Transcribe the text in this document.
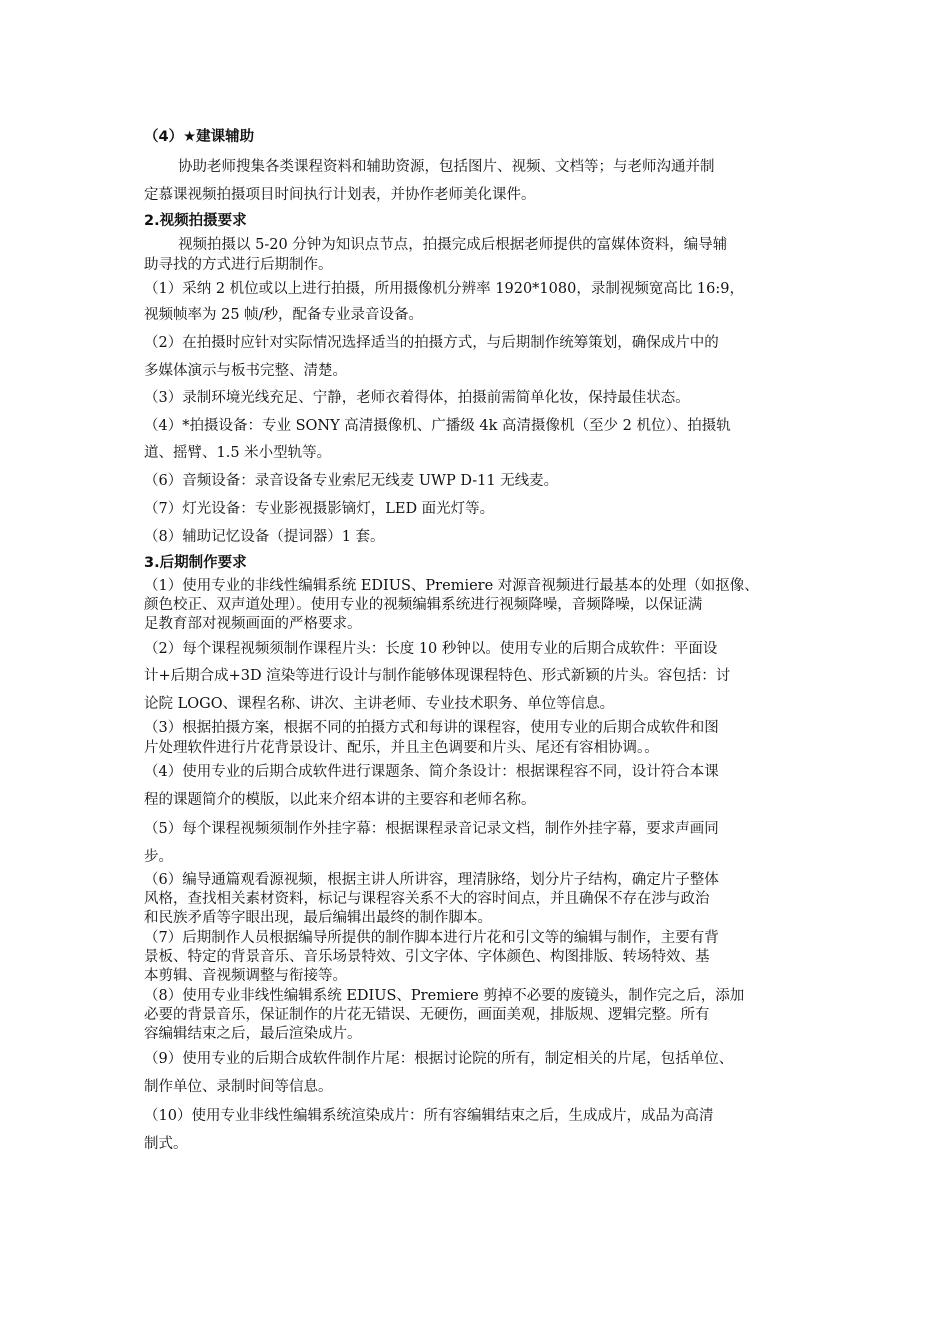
（4）★建课辅助
协助老师搜集各类课程资料和辅助资源，包括图片、视频、文档等；与老师沟通并制
定慕课视频拍摄项目时间执行计划表，并协作老师美化课件。
2.视频拍摄要求
视频拍摄以 5-20 分钟为知识点节点，拍摄完成后根据老师提供的富媒体资料，编导辅
助寻找的方式进行后期制作。
（1）采纳 2 机位或以上进行拍摄，所用摄像机分辨率 1920*1080，录制视频宽高比 16:9，
视频帧率为 25 帧/秒，配备专业录音设备。
（2）在拍摄时应针对实际情况选择适当的拍摄方式，与后期制作统筹策划，确保成片中的
多媒体演示与板书完整、清楚。
（3）录制环境光线充足、宁静，老师衣着得体，拍摄前需简单化妆，保持最佳状态。
（4）*拍摄设备：专业 SONY 高清摄像机、广播级 4k 高清摄像机（至少 2 机位）、拍摄轨
道、摇臂、1.5 米小型轨等。
（6）音频设备：录音设备专业索尼无线麦 UWP D-11 无线麦。
（7）灯光设备：专业影视摄影镝灯，LED 面光灯等。
（8）辅助记忆设备（提词器）1 套。
3.后期制作要求
（1）使用专业的非线性编辑系统 EDIUS、Premiere 对源音视频进行最基本的处理（如抠像、
颜色校正、双声道处理）。使用专业的视频编辑系统进行视频降噪，音频降噪，以保证满
足教育部对视频画面的严格要求。
（2）每个课程视频须制作课程片头：长度 10 秒钟以。使用专业的后期合成软件：平面设
计+后期合成+3D 渲染等进行设计与制作能够体现课程特色、形式新颖的片头。容包括：讨
论院 LOGO、课程名称、讲次、主讲老师、专业技术职务、单位等信息。
（3）根据拍摄方案，根据不同的拍摄方式和每讲的课程容，使用专业的后期合成软件和图
片处理软件进行片花背景设计、配乐，并且主色调要和片头、尾还有容相协调。。
（4）使用专业的后期合成软件进行课题条、简介条设计：根据课程容不同，设计符合本课
程的课题简介的模版，以此来介绍本讲的主要容和老师名称。
（5）每个课程视频须制作外挂字幕：根据课程录音记录文档，制作外挂字幕，要求声画同
步。
（6）编导通篇观看源视频，根据主讲人所讲容，理清脉络，划分片子结构，确定片子整体
风格，查找相关素材资料，标记与课程容关系不大的容时间点，并且确保不存在涉与政治
和民族矛盾等字眼出现，最后编辑出最终的制作脚本。
（7）后期制作人员根据编导所提供的制作脚本进行片花和引文等的编辑与制作，主要有背
景板、特定的背景音乐、音乐场景特效、引文字体、字体颜色、构图排版、转场特效、基
本剪辑、音视频调整与衔接等。
（8）使用专业非线性编辑系统 EDIUS、Premiere 剪掉不必要的废镜头，制作完之后，添加
必要的背景音乐，保证制作的片花无错误、无硬伤，画面美观，排版规、逻辑完整。所有
容编辑结束之后，最后渲染成片。
（9）使用专业的后期合成软件制作片尾：根据讨论院的所有，制定相关的片尾，包括单位、
制作单位、录制时间等信息。
（10）使用专业非线性编辑系统渲染成片：所有容编辑结束之后，生成成片，成品为高清
制式。
